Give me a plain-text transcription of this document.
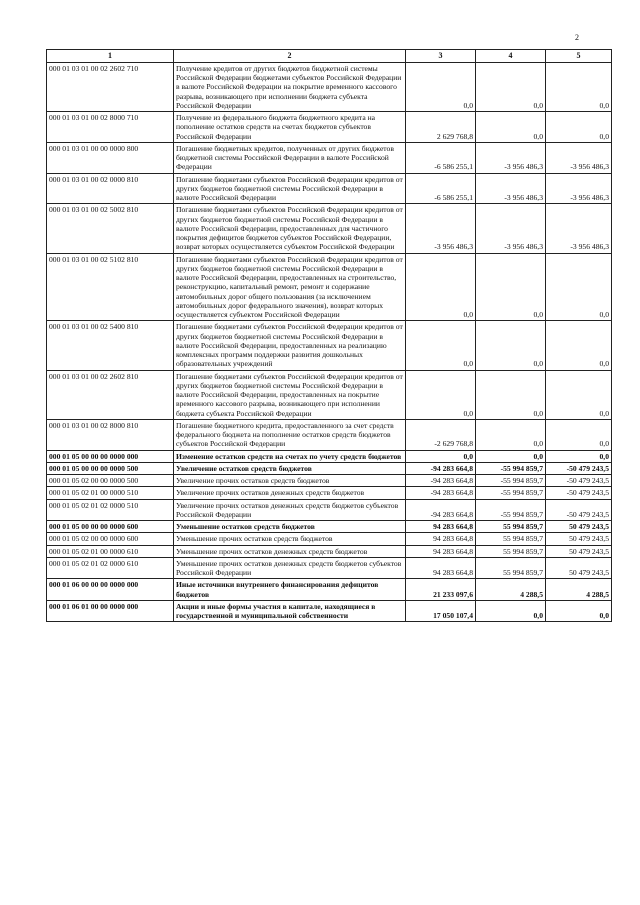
2
1	2	3	4	5
000 01 03 01 00 02 2602 710	Получение кредитов от других бюджетов бюджетной системы Российской Федерации бюджетами субъектов Российской Федерации в валюте Российской Федерации на покрытие временного кассового разрыва, возникающего при исполнении бюджета субъекта Российской Федерации	0,0	0,0	0,0
000 01 03 01 00 02 8000 710	Получение из федерального бюджета бюджетного кредита на пополнение остатков средств на счетах бюджетов субъектов Российской Федерации	2 629 768,8	0,0	0,0
000 01 03 01 00 00 0000 800	Погашение бюджетных кредитов, полученных от других бюджетов бюджетной системы Российской Федерации в валюте Российской Федерации	-6 586 255,1	-3 956 486,3	-3 956 486,3
000 01 03 01 00 02 0000 810	Погашение бюджетами субъектов Российской Федерации кредитов от других бюджетов бюджетной системы Российской Федерации в валюте Российской Федерации	-6 586 255,1	-3 956 486,3	-3 956 486,3
000 01 03 01 00 02 5002 810	Погашение бюджетами субъектов Российской Федерации кредитов от других бюджетов бюджетной системы Российской Федерации в валюте Российской Федерации, предоставленных для частичного покрытия дефицитов бюджетов субъектов Российской Федерации, возврат которых осуществляется субъектом Российской Федерации	-3 956 486,3	-3 956 486,3	-3 956 486,3
000 01 03 01 00 02 5102 810	Погашение бюджетами субъектов Российской Федерации кредитов от других бюджетов бюджетной системы Российской Федерации в валюте Российской Федерации, предоставленных на строительство, реконструкцию, капитальный ремонт, ремонт и содержание автомобильных дорог общего пользования (за исключением автомобильных дорог федерального значения), возврат которых осуществляется субъектом Российской Федерации	0,0	0,0	0,0
000 01 03 01 00 02 5400 810	Погашение бюджетами субъектов Российской Федерации кредитов от других бюджетов бюджетной системы Российской Федерации в валюте Российской Федерации, предоставленных на реализацию комплексных программ поддержки развития дошкольных образовательных учреждений	0,0	0,0	0,0
000 01 03 01 00 02 2602 810	Погашение бюджетами субъектов Российской Федерации кредитов от других бюджетов бюджетной системы Российской Федерации в валюте Российской Федерации, предоставленных на покрытие временного кассового разрыва, возникающего при исполнении бюджета субъекта Российской Федерации	0,0	0,0	0,0
000 01 03 01 00 02 8000 810	Погашение бюджетного кредита, предоставленного за счет средств федерального бюджета на пополнение остатков средств бюджетов субъектов Российской Федерации	-2 629 768,8	0,0	0,0
000 01 05 00 00 00 0000 000	Изменение остатков средств на счетах по учету средств бюджетов	0,0	0,0	0,0
000 01 05 00 00 00 0000 500	Увеличение остатков средств бюджетов	-94 283 664,8	-55 994 859,7	-50 479 243,5
000 01 05 02 00 00 0000 500	Увеличение прочих остатков средств бюджетов	-94 283 664,8	-55 994 859,7	-50 479 243,5
000 01 05 02 01 00 0000 510	Увеличение прочих остатков денежных средств бюджетов	-94 283 664,8	-55 994 859,7	-50 479 243,5
000 01 05 02 01 02 0000 510	Увеличение прочих остатков денежных средств бюджетов субъектов Российской Федерации	-94 283 664,8	-55 994 859,7	-50 479 243,5
000 01 05 00 00 00 0000 600	Уменьшение остатков средств бюджетов	94 283 664,8	55 994 859,7	50 479 243,5
000 01 05 02 00 00 0000 600	Уменьшение прочих остатков средств бюджетов	94 283 664,8	55 994 859,7	50 479 243,5
000 01 05 02 01 00 0000 610	Уменьшение прочих остатков денежных средств бюджетов	94 283 664,8	55 994 859,7	50 479 243,5
000 01 05 02 01 02 0000 610	Уменьшение прочих остатков денежных средств бюджетов субъектов Российской Федерации	94 283 664,8	55 994 859,7	50 479 243,5
000 01 06 00 00 00 0000 000	Иные источники внутреннего финансирования дефицитов бюджетов	21 233 097,6	4 288,5	4 288,5
000 01 06 01 00 00 0000 000	Акции и иные формы участия в капитале, находящиеся в государственной и муниципальной собственности	17 050 107,4	0,0	0,0
